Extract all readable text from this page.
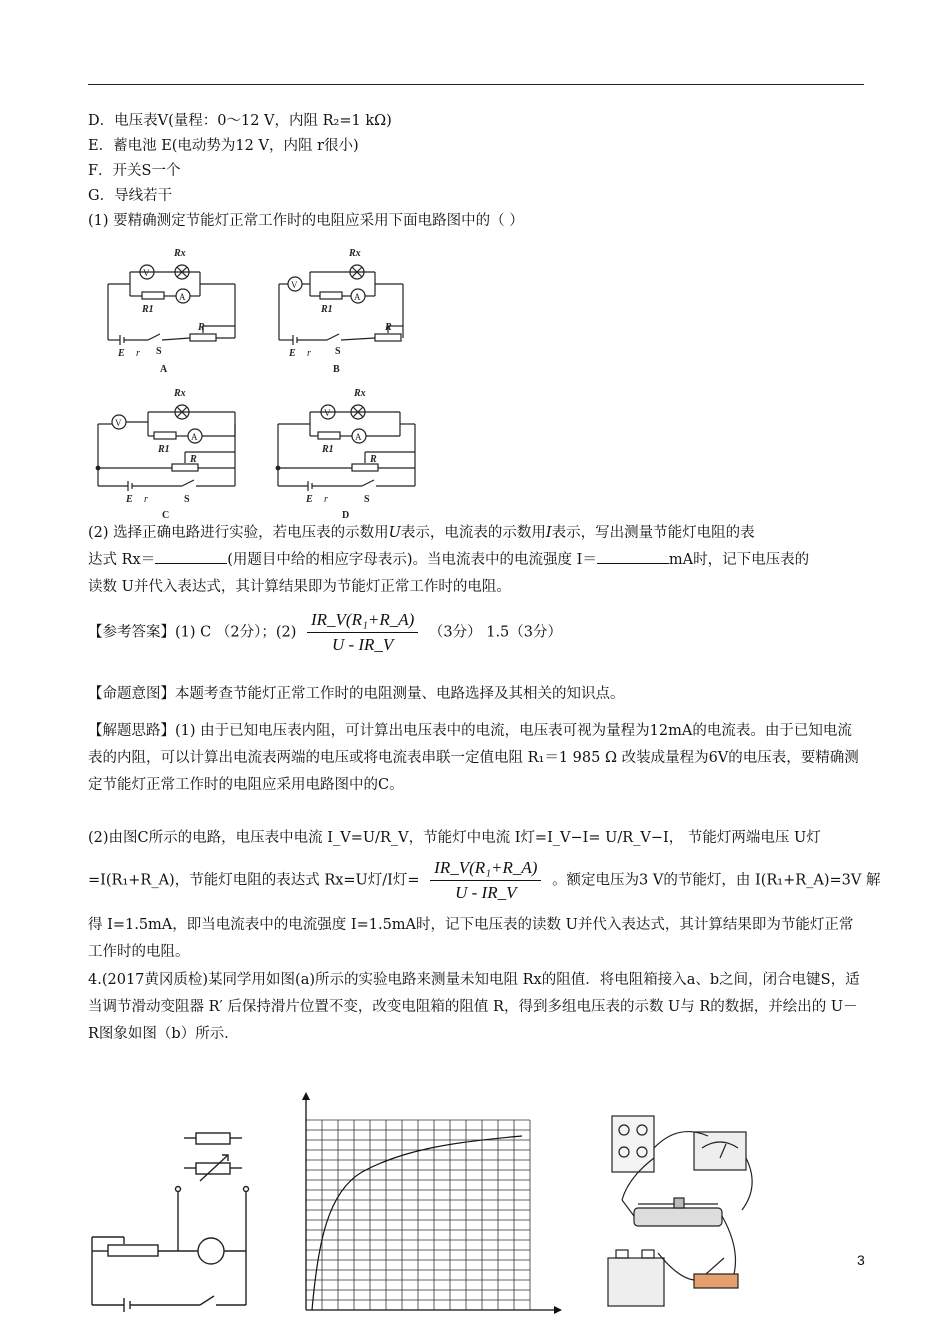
D．电压表V(量程：0～12 V，内阻 R₂=1 kΩ)
E．蓄电池 E(电动势为12 V，内阻 r很小)
F．开关S一个
G．导线若干
(1) 要精确测定节能灯正常工作时的电阻应采用下面电路图中的（ ）
V
A
Rx
R1
R
E r S
A
A
V
Rx
R1
R
E r S
B
A
V
Rx
R1
R
E r	S
C
V
A
Rx
R1
R
E r	S
D

(2) 选择正确电路进行实验，若电压表的示数用U表示，电流表的示数用I表示，写出测量节能灯电阻的表

达式 Rx＝	(用题目中给的相应字母表示)。当电流表中的电流强度 I＝	mA时，记下电压表的

读数 U并代入表达式，其计算结果即为节能灯正常工作时的电阻。

【参考答案】(1) C （2分）；$(2) \frac{\text{IR\_V(R₁+R\_A)}}{U - IR\_V} (3$分） 1.5（3分）
【命题意图】本题考查节能灯正常工作时的电阻测量、电路选择及其相关的知识点。
【解题思路】(1) 由于已知电压表内阻，可计算出电压表中的电流，电压表可视为量程为12mA的电流表。由于已知电流表的内阻，可以计算出电流表两端的电压或将电流表串联一定值电阻 R₁＝1 985 Ω 改装成量程为6V的电压表，要精确测定节能灯正常工作时的电阻应采用电路图中的C。
(2)由图C所示的电路，电压表中电流 I_V=U/R_V，节能灯中电流 I灯=I_V−I= U/R_V−I， 节能灯两端电压 U灯
=I(R₁+R_A)，节能灯电阻的表达式 Rx=U灯/I灯= $\frac{\text{IR\_V(R₁+R\_A)}}{U - IR\_V}$ 。额定电压为3 V的节能灯，由 I(R₁+R_A)=3V 解
得 I=1.5mA，即当电流表中的电流强度 I=1.5mA时，记下电压表的读数 U并代入表达式，其计算结果即为节能灯正常工作时的电阻。
4.(2017黄冈质检)某同学用如图(a)所示的实验电路来测量未知电阻 Rx的阻值．将电阻箱接入a、b之间，闭合电键S，适当调节滑动变阻器 R′ 后保持滑片位置不变，改变电阻箱的阻值 R，得到多组电压表的示数 U与 R的数据，并绘出的 U－R图象如图（b）所示．
3
